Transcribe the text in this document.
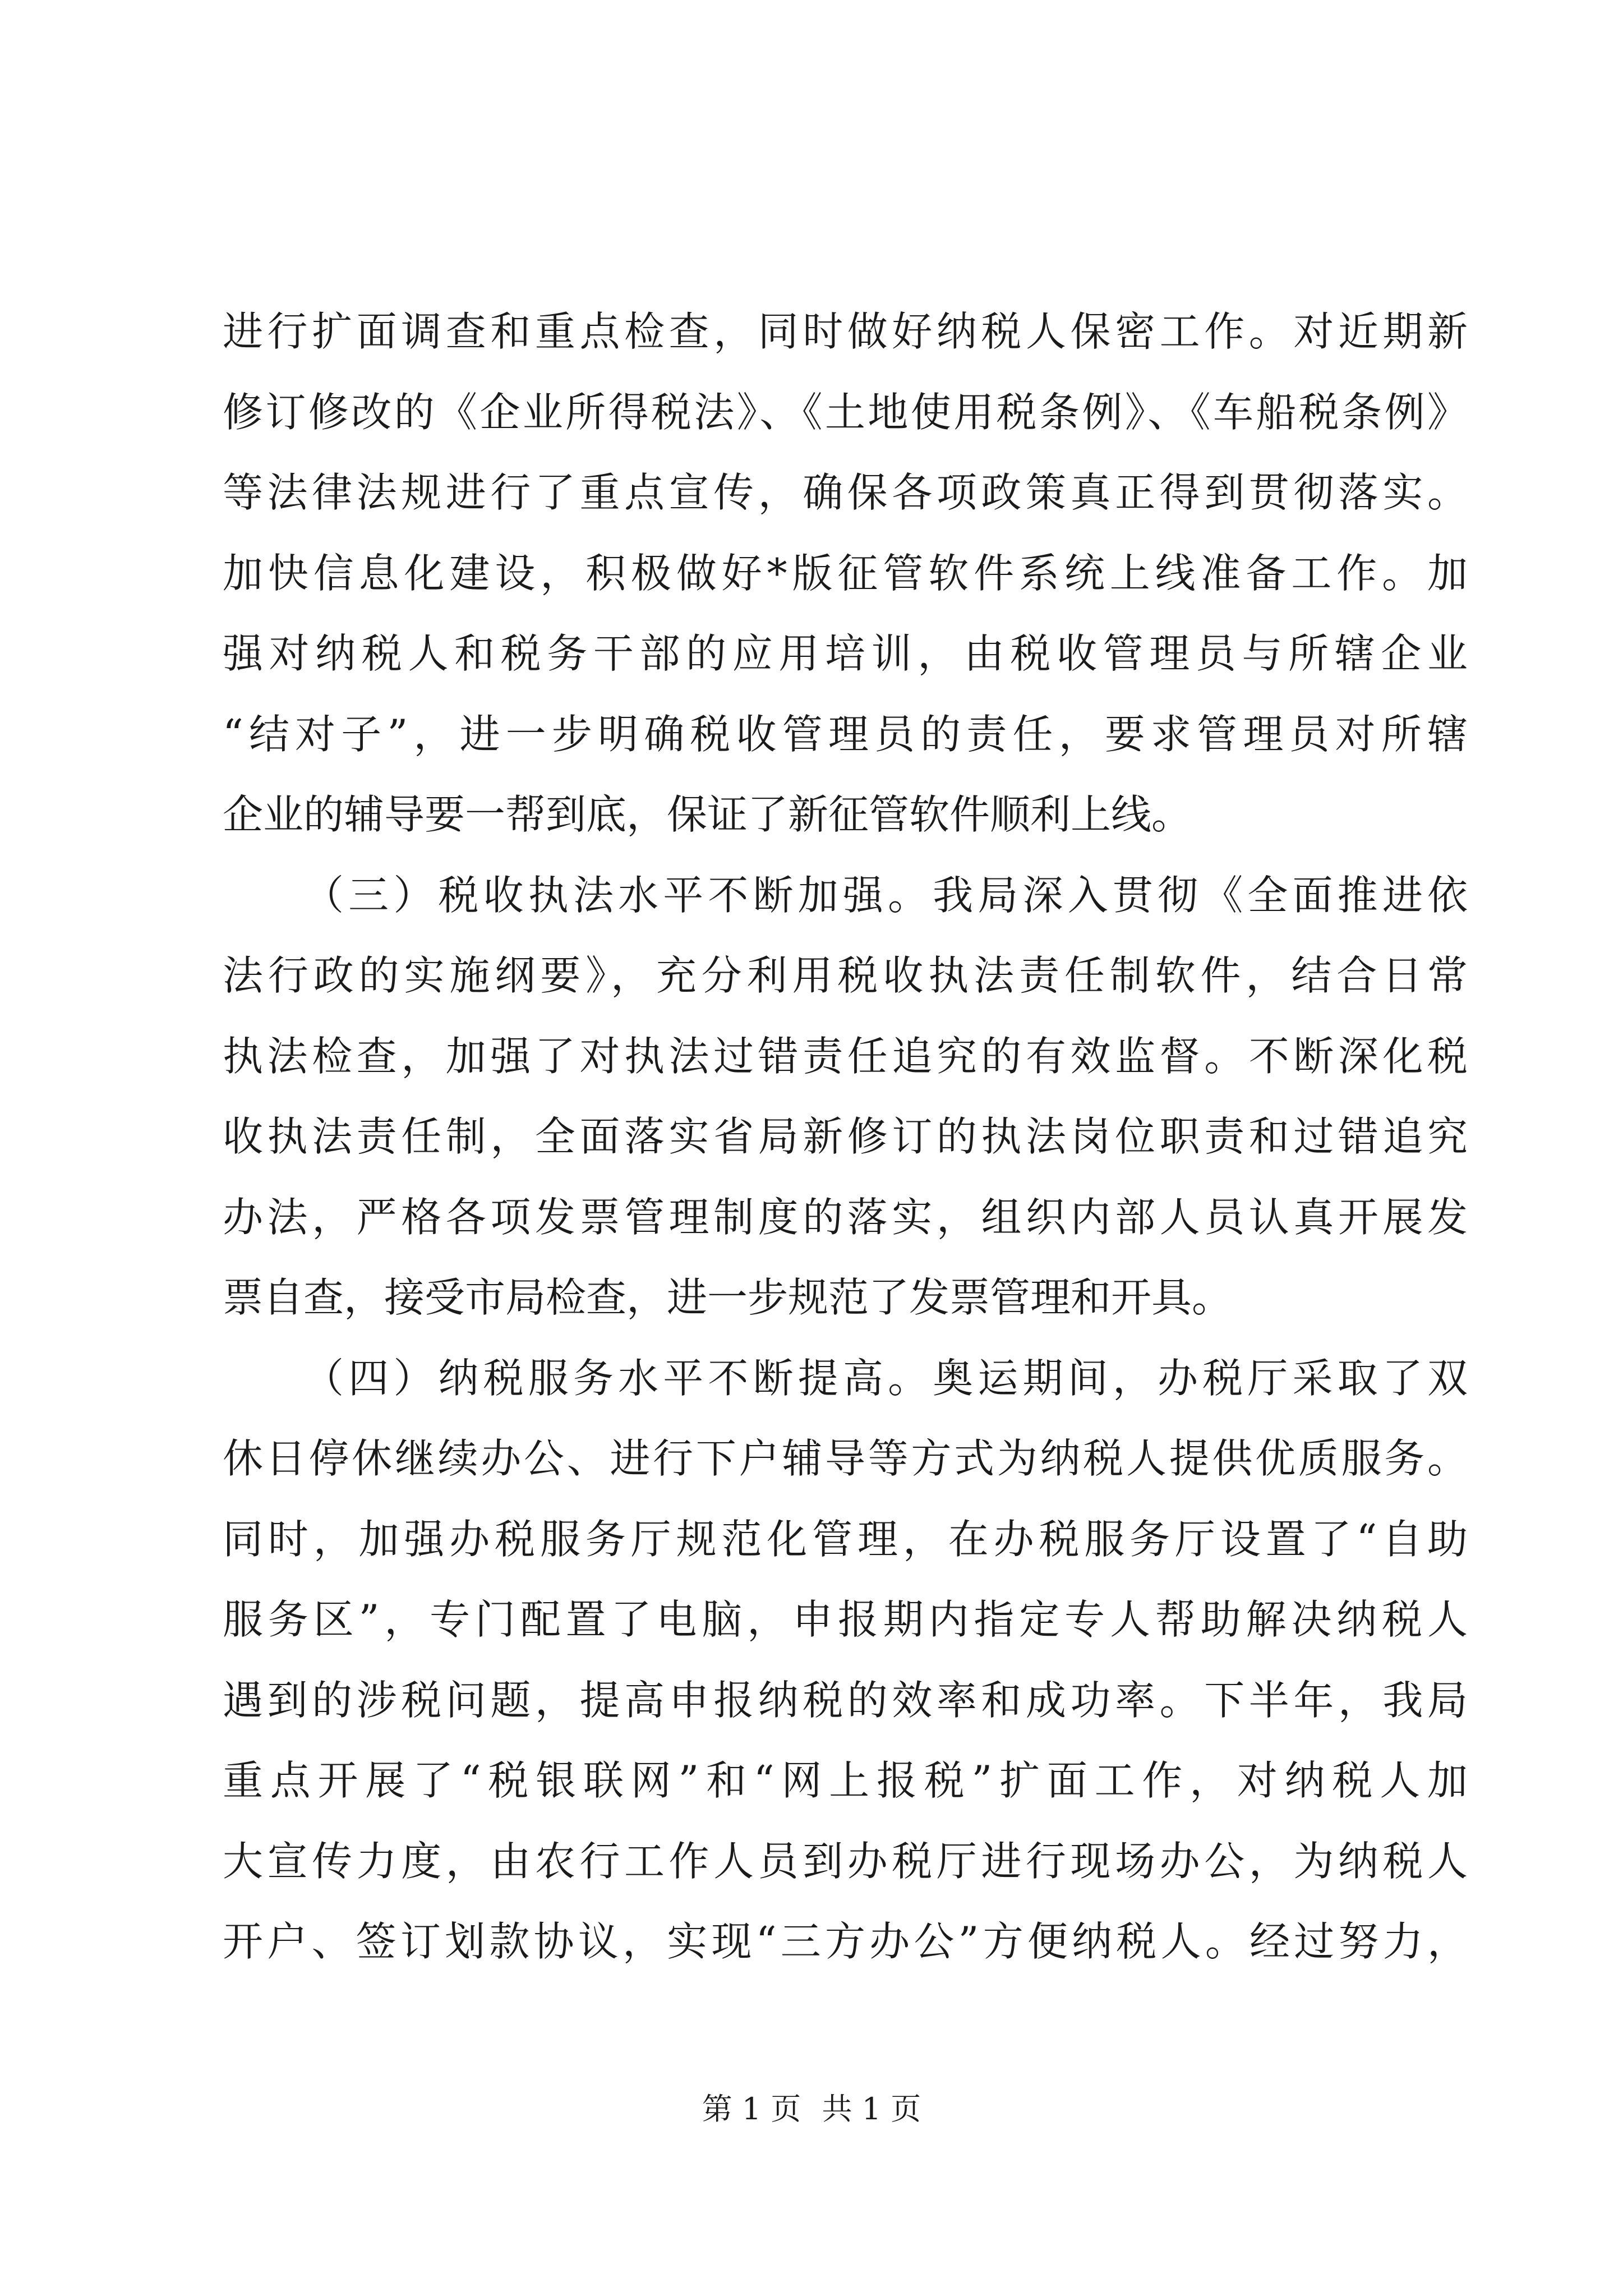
进行扩面调查和重点检查，同时做好纳税人保密工作。对近期新
修订修改的《企业所得税法》、《土地使用税条例》、《车船税条例》
等法律法规进行了重点宣传，确保各项政策真正得到贯彻落实。
加快信息化建设，积极做好*版征管软件系统上线准备工作。加
强对纳税人和税务干部的应用培训，由税收管理员与所辖企业
“结对子”，进一步明确税收管理员的责任，要求管理员对所辖
企业的辅导要一帮到底，保证了新征管软件顺利上线。
（三）税收执法水平不断加强。我局深入贯彻《全面推进依
法行政的实施纲要》，充分利用税收执法责任制软件，结合日常
执法检查，加强了对执法过错责任追究的有效监督。不断深化税
收执法责任制，全面落实省局新修订的执法岗位职责和过错追究
办法，严格各项发票管理制度的落实，组织内部人员认真开展发
票自查，接受市局检查，进一步规范了发票管理和开具。
（四）纳税服务水平不断提高。奥运期间，办税厅采取了双
休日停休继续办公、进行下户辅导等方式为纳税人提供优质服务。
同时，加强办税服务厅规范化管理，在办税服务厅设置了“自助
服务区”，专门配置了电脑，申报期内指定专人帮助解决纳税人
遇到的涉税问题，提高申报纳税的效率和成功率。下半年，我局
重点开展了“税银联网”和“网上报税”扩面工作，对纳税人加
大宣传力度，由农行工作人员到办税厅进行现场办公，为纳税人
开户、签订划款协议，实现“三方办公”方便纳税人。经过努力，
第 1 页 共 1 页
